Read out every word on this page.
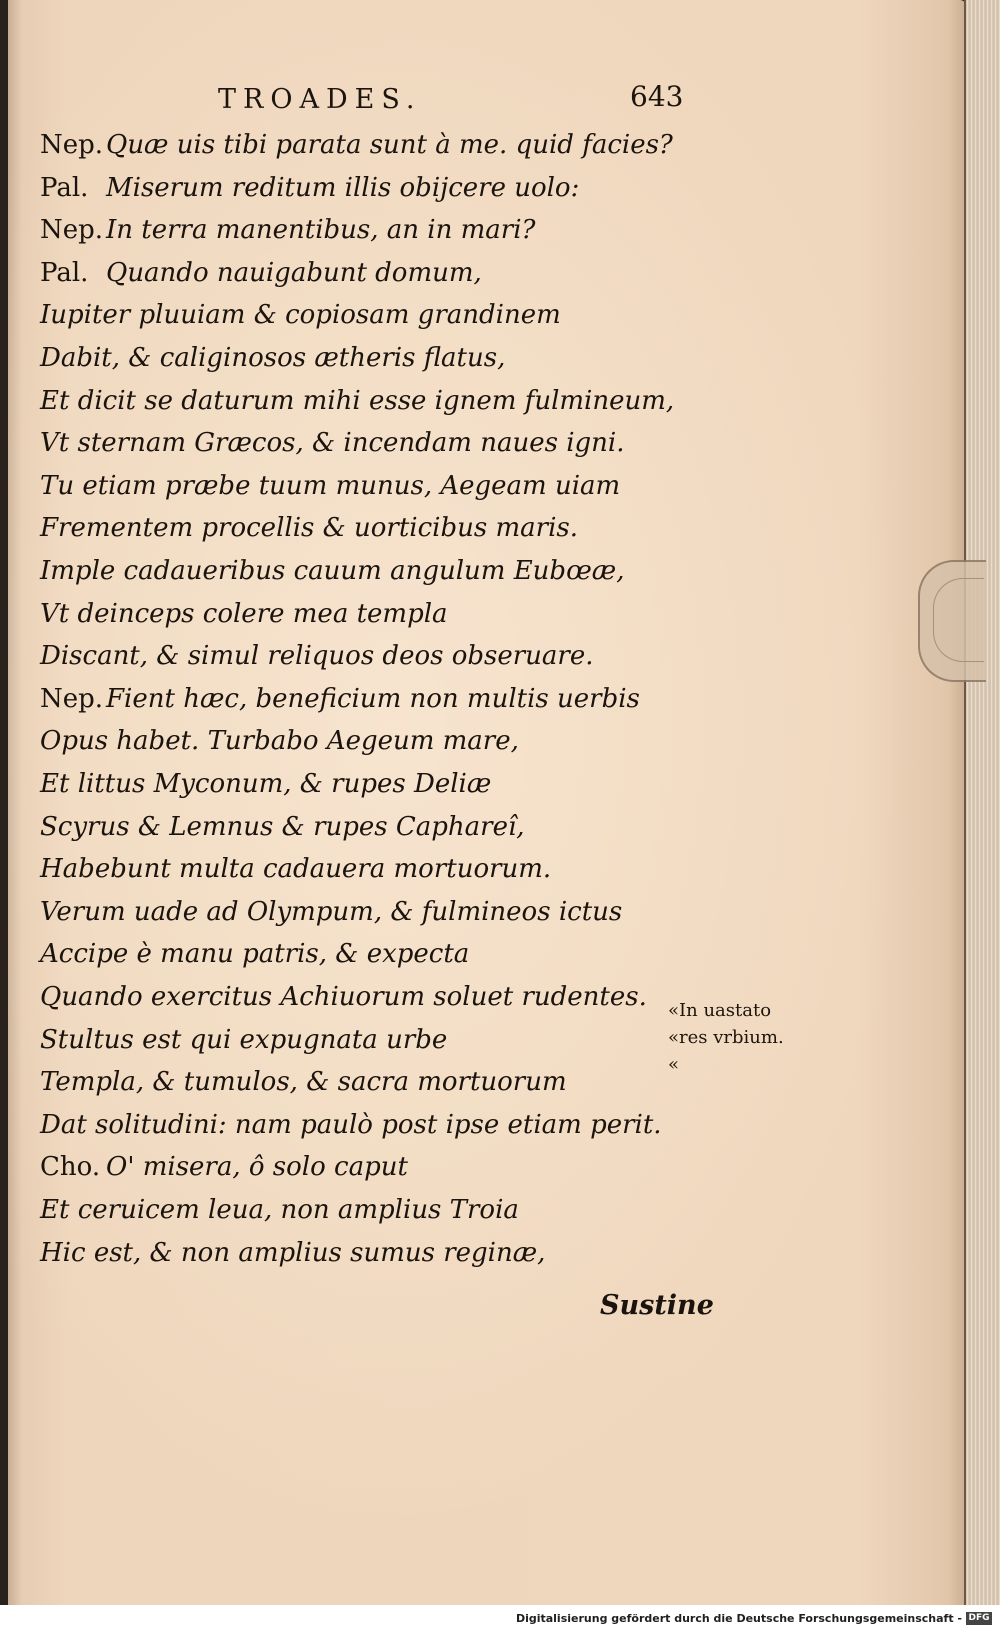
TROADES.	643
Nep. Quæ uis tibi parata sunt à me. quid facies?
Pal. Miserum reditum illis obijcere uolo:
Nep. In terra manentibus, an in mari?
Pal. Quando nauigabunt domum,
Iupiter pluuiam & copiosam grandinem
Dabit, & caliginosos ætheris flatus,
Et dicit se daturum mihi esse ignem fulmineum,
Vt sternam Græcos, & incendam naues igni.
Tu etiam præbe tuum munus, Aegeam uiam
Frementem procellis & uorticibus maris.
Imple cadaueribus cauum angulum Eubœæ,
Vt deinceps colere mea templa
Discant, & simul reliquos deos obseruare.
Nep. Fient hæc, beneficium non multis uerbis
Opus habet. Turbabo Aegeum mare,
Et littus Myconum, & rupes Deliæ
Scyrus & Lemnus & rupes Caphareî,
Habebunt multa cadauera mortuorum.
Verum uade ad Olympum, & fulmineos ictus
Accipe è manu patris, & expecta
Quando exercitus Achiuorum soluet rudentes.
Stultus est qui expugnata urbe
Templa, & tumulos, & sacra mortuorum
Dat solitudini: nam paulò post ipse etiam perit.
Cho. O' misera, ô solo caput
Et ceruicem leua, non amplius Troia
Hic est, & non amplius sumus reginæ,
«In uastato
«res vrbium.
«
Sustine
Digitalisierung gefördert durch die Deutsche Forschungsgemeinschaft - DFG
